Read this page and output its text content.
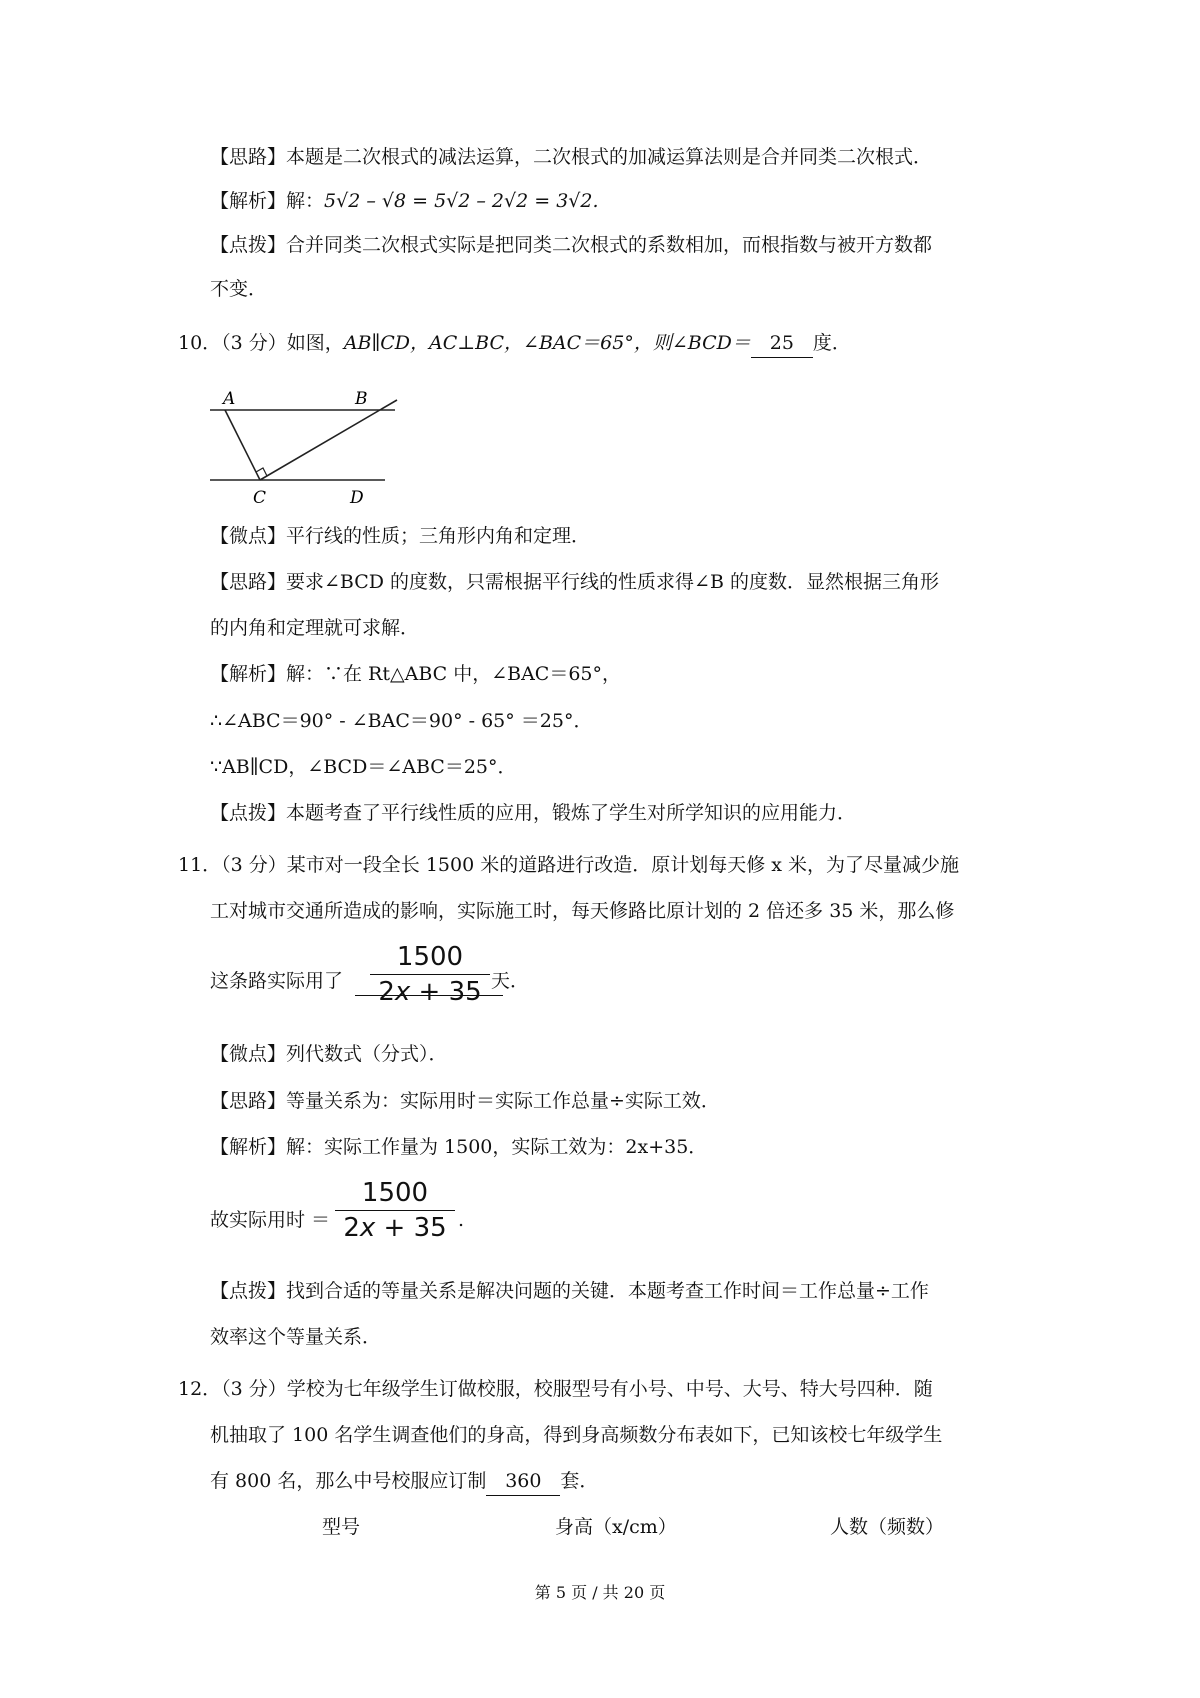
【思路】本题是二次根式的减法运算，二次根式的加减运算法则是合并同类二次根式．
【解析】解：5√2 – √8 = 5√2 – 2√2 = 3√2.
【点拨】合并同类二次根式实际是把同类二次根式的系数相加，而根指数与被开方数都
不变．
10．（3 分）如图，AB∥CD，AC⊥BC，∠BAC＝65°，则∠BCD＝ 25 度．
A	B
C	D
【微点】平行线的性质；三角形内角和定理．
【思路】要求∠BCD 的度数，只需根据平行线的性质求得∠B 的度数．显然根据三角形
的内角和定理就可求解．
【解析】解：∵在 Rt△ABC 中，∠BAC＝65°，
∴∠ABC＝90° - ∠BAC＝90° - 65° ＝25°．
∵AB∥CD，∠BCD＝∠ABC＝25°．
【点拨】本题考查了平行线性质的应用，锻炼了学生对所学知识的应用能力．
11．（3 分）某市对一段全长 1500 米的道路进行改造．原计划每天修 x 米，为了尽量减少施
工对城市交通所造成的影响，实际施工时，每天修路比原计划的 2 倍还多 35 米，那么修
这条路实际用了	天．
1500
2x + 35
【微点】列代数式（分式）．
【思路】等量关系为：实际用时＝实际工作总量÷实际工效．
【解析】解：实际工作量为 1500，实际工效为：2x+35．
故实际用时 ＝	.
1500
2x + 35
【点拨】找到合适的等量关系是解决问题的关键．本题考查工作时间＝工作总量÷工作
效率这个等量关系．
12．（3 分）学校为七年级学生订做校服，校服型号有小号、中号、大号、特大号四种．随
机抽取了 100 名学生调查他们的身高，得到身高频数分布表如下，已知该校七年级学生
有 800 名，那么中号校服应订制 360 套．
型号	身高（x/cm）	人数（频数）
第 5 页 / 共 20 页
